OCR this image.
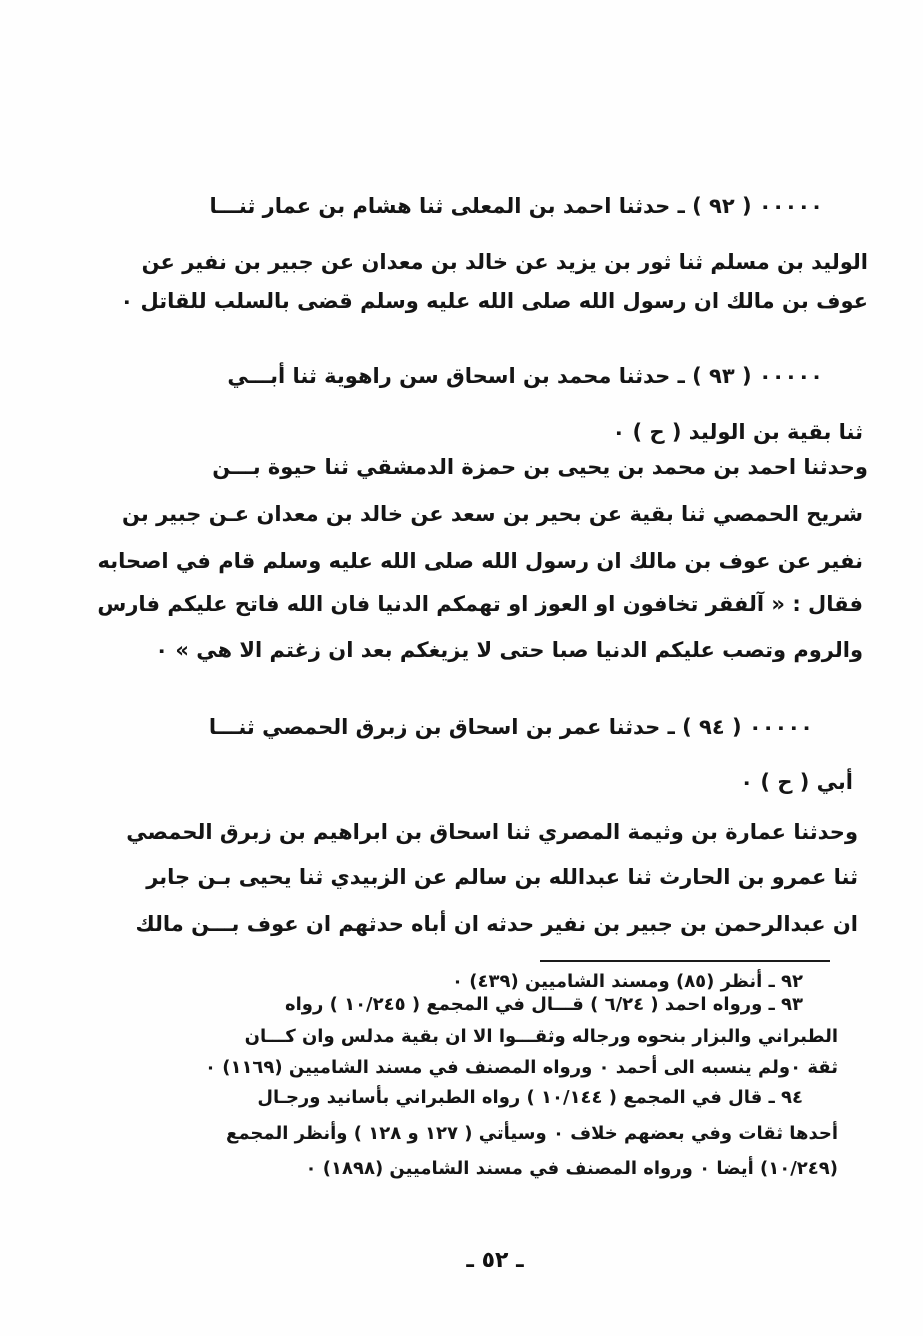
٠٠٠٠٠ ( ٩٢ ) ـ حدثنا احمد بن المعلى ثنا هشام بن عمار ثنـــا
الوليد بن مسلم ثنا ثور بن يزيد عن خالد بن معدان عن جبير بن نفير عن
عوف بن مالك ان رسول الله صلى الله عليه وسلم قضى بالسلب للقاتل ٠
٠٠٠٠٠ ( ٩٣ ) ـ حدثنا محمد بن اسحاق سن راهوية ثنا أبـــي
ثنا بقية بن الوليد ( ح ) ٠
وحدثنا احمد بن محمد بن يحيى بن حمزة الدمشقي ثنا حيوة بـــن
شريح الحمصي ثنا بقية عن بحير بن سعد عن خالد بن معدان عـن جبير بن
نفير عن عوف بن مالك ان رسول الله صلى الله عليه وسلم قام في اصحابه
فقال : « آلفقر تخافون او العوز او تهمكم الدنيا فان الله فاتح عليكم فارس
والروم وتصب عليكم الدنيا صبا حتى لا يزيغكم بعد ان زغتم الا هي » ٠
٠٠٠٠٠ ( ٩٤ ) ـ حدثنا عمر بن اسحاق بن زبرق الحمصي ثنـــا
أبي ( ح ) ٠
وحدثنا عمارة بن وثيمة المصري ثنا اسحاق بن ابراهيم بن زبرق الحمصي
ثنا عمرو بن الحارث ثنا عبدالله بن سالم عن الزبيدي ثنا يحيى بـن جابر
ان عبدالرحمن بن جبير بن نفير حدثه ان أباه حدثهم ان عوف بـــن مالك
٩٢ ـ أنظر (٨٥) ومسند الشاميين (٤٣٩) ٠
٩٣ ـ ورواه احمد ( ٦/٢٤ ) قـــال في المجمع ( ١٠/٢٤٥ ) رواه
الطبراني والبزار بنحوه ورجاله وثقـــوا الا ان بقية مدلس وان كـــان
ثقة ٠ولم ينسبه الى أحمد ٠ ورواه المصنف في مسند الشاميين (١١٦٩) ٠
٩٤ ـ قال في المجمع ( ١٠/١٤٤ ) رواه الطبراني بأسانيد ورجـال
أحدها ثقات وفي بعضهم خلاف ٠ وسيأتي ( ١٢٧ و ١٢٨ ) وأنظر المجمع
(١٠/٢٤٩) أيضا ٠ ورواه المصنف في مسند الشاميين (١٨٩٨) ٠
ـ ٥٢ ـ
